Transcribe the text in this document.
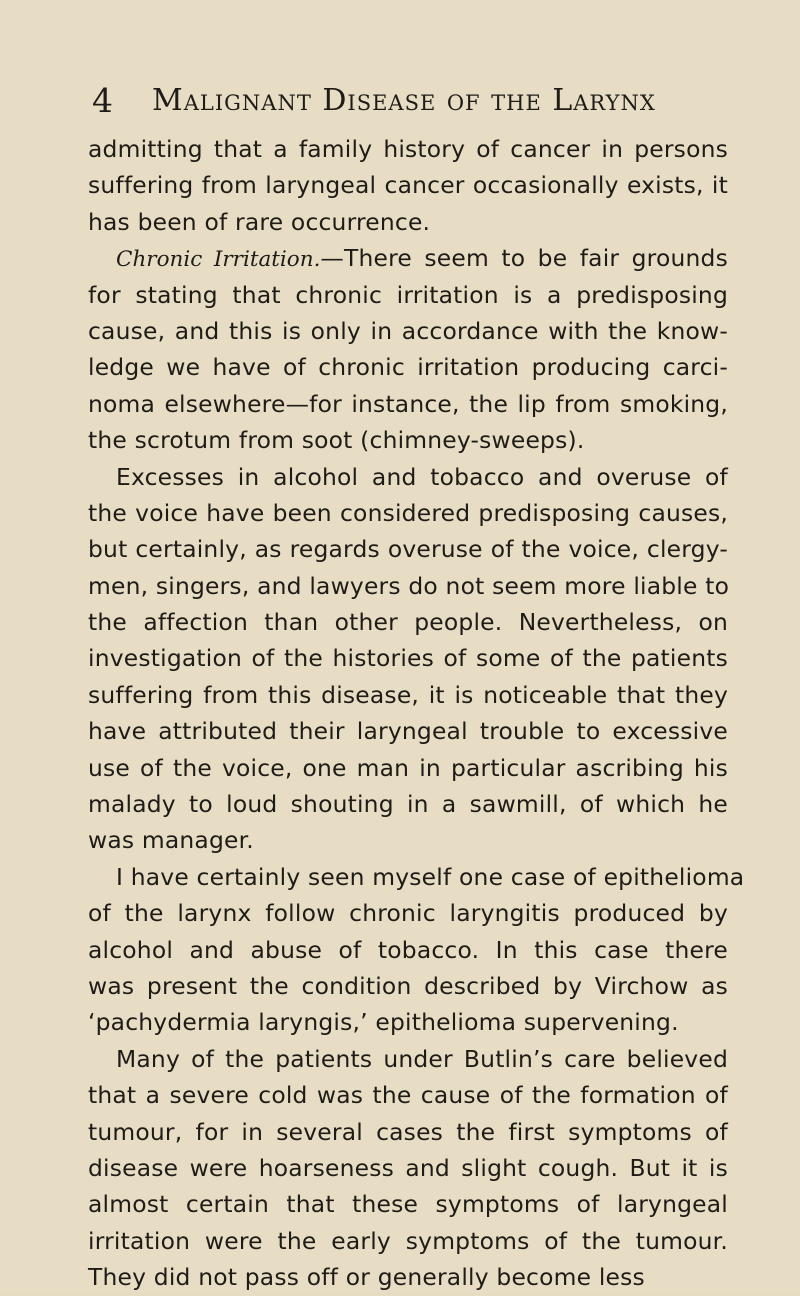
4 Malignant Disease of the Larynx
admitting that a family history of cancer in persons
suffering from laryngeal cancer occasionally exists, it
has been of rare occurrence.
Chronic Irritation.—There seem to be fair grounds
for stating that chronic irritation is a predisposing
cause, and this is only in accordance with the know-
ledge we have of chronic irritation producing carci-
noma elsewhere—for instance, the lip from smoking,
the scrotum from soot (chimney-sweeps).
Excesses in alcohol and tobacco and overuse of
the voice have been considered predisposing causes,
but certainly, as regards overuse of the voice, clergy-
men, singers, and lawyers do not seem more liable to
the affection than other people. Nevertheless, on
investigation of the histories of some of the patients
suffering from this disease, it is noticeable that they
have attributed their laryngeal trouble to excessive
use of the voice, one man in particular ascribing his
malady to loud shouting in a sawmill, of which he
was manager.
I have certainly seen myself one case of epithelioma
of the larynx follow chronic laryngitis produced by
alcohol and abuse of tobacco. In this case there
was present the condition described by Virchow as
‘pachydermia laryngis,’ epithelioma supervening.
Many of the patients under Butlin’s care believed
that a severe cold was the cause of the formation of
tumour, for in several cases the first symptoms of
disease were hoarseness and slight cough. But it is
almost certain that these symptoms of laryngeal
irritation were the early symptoms of the tumour.
They did not pass off or generally become less
